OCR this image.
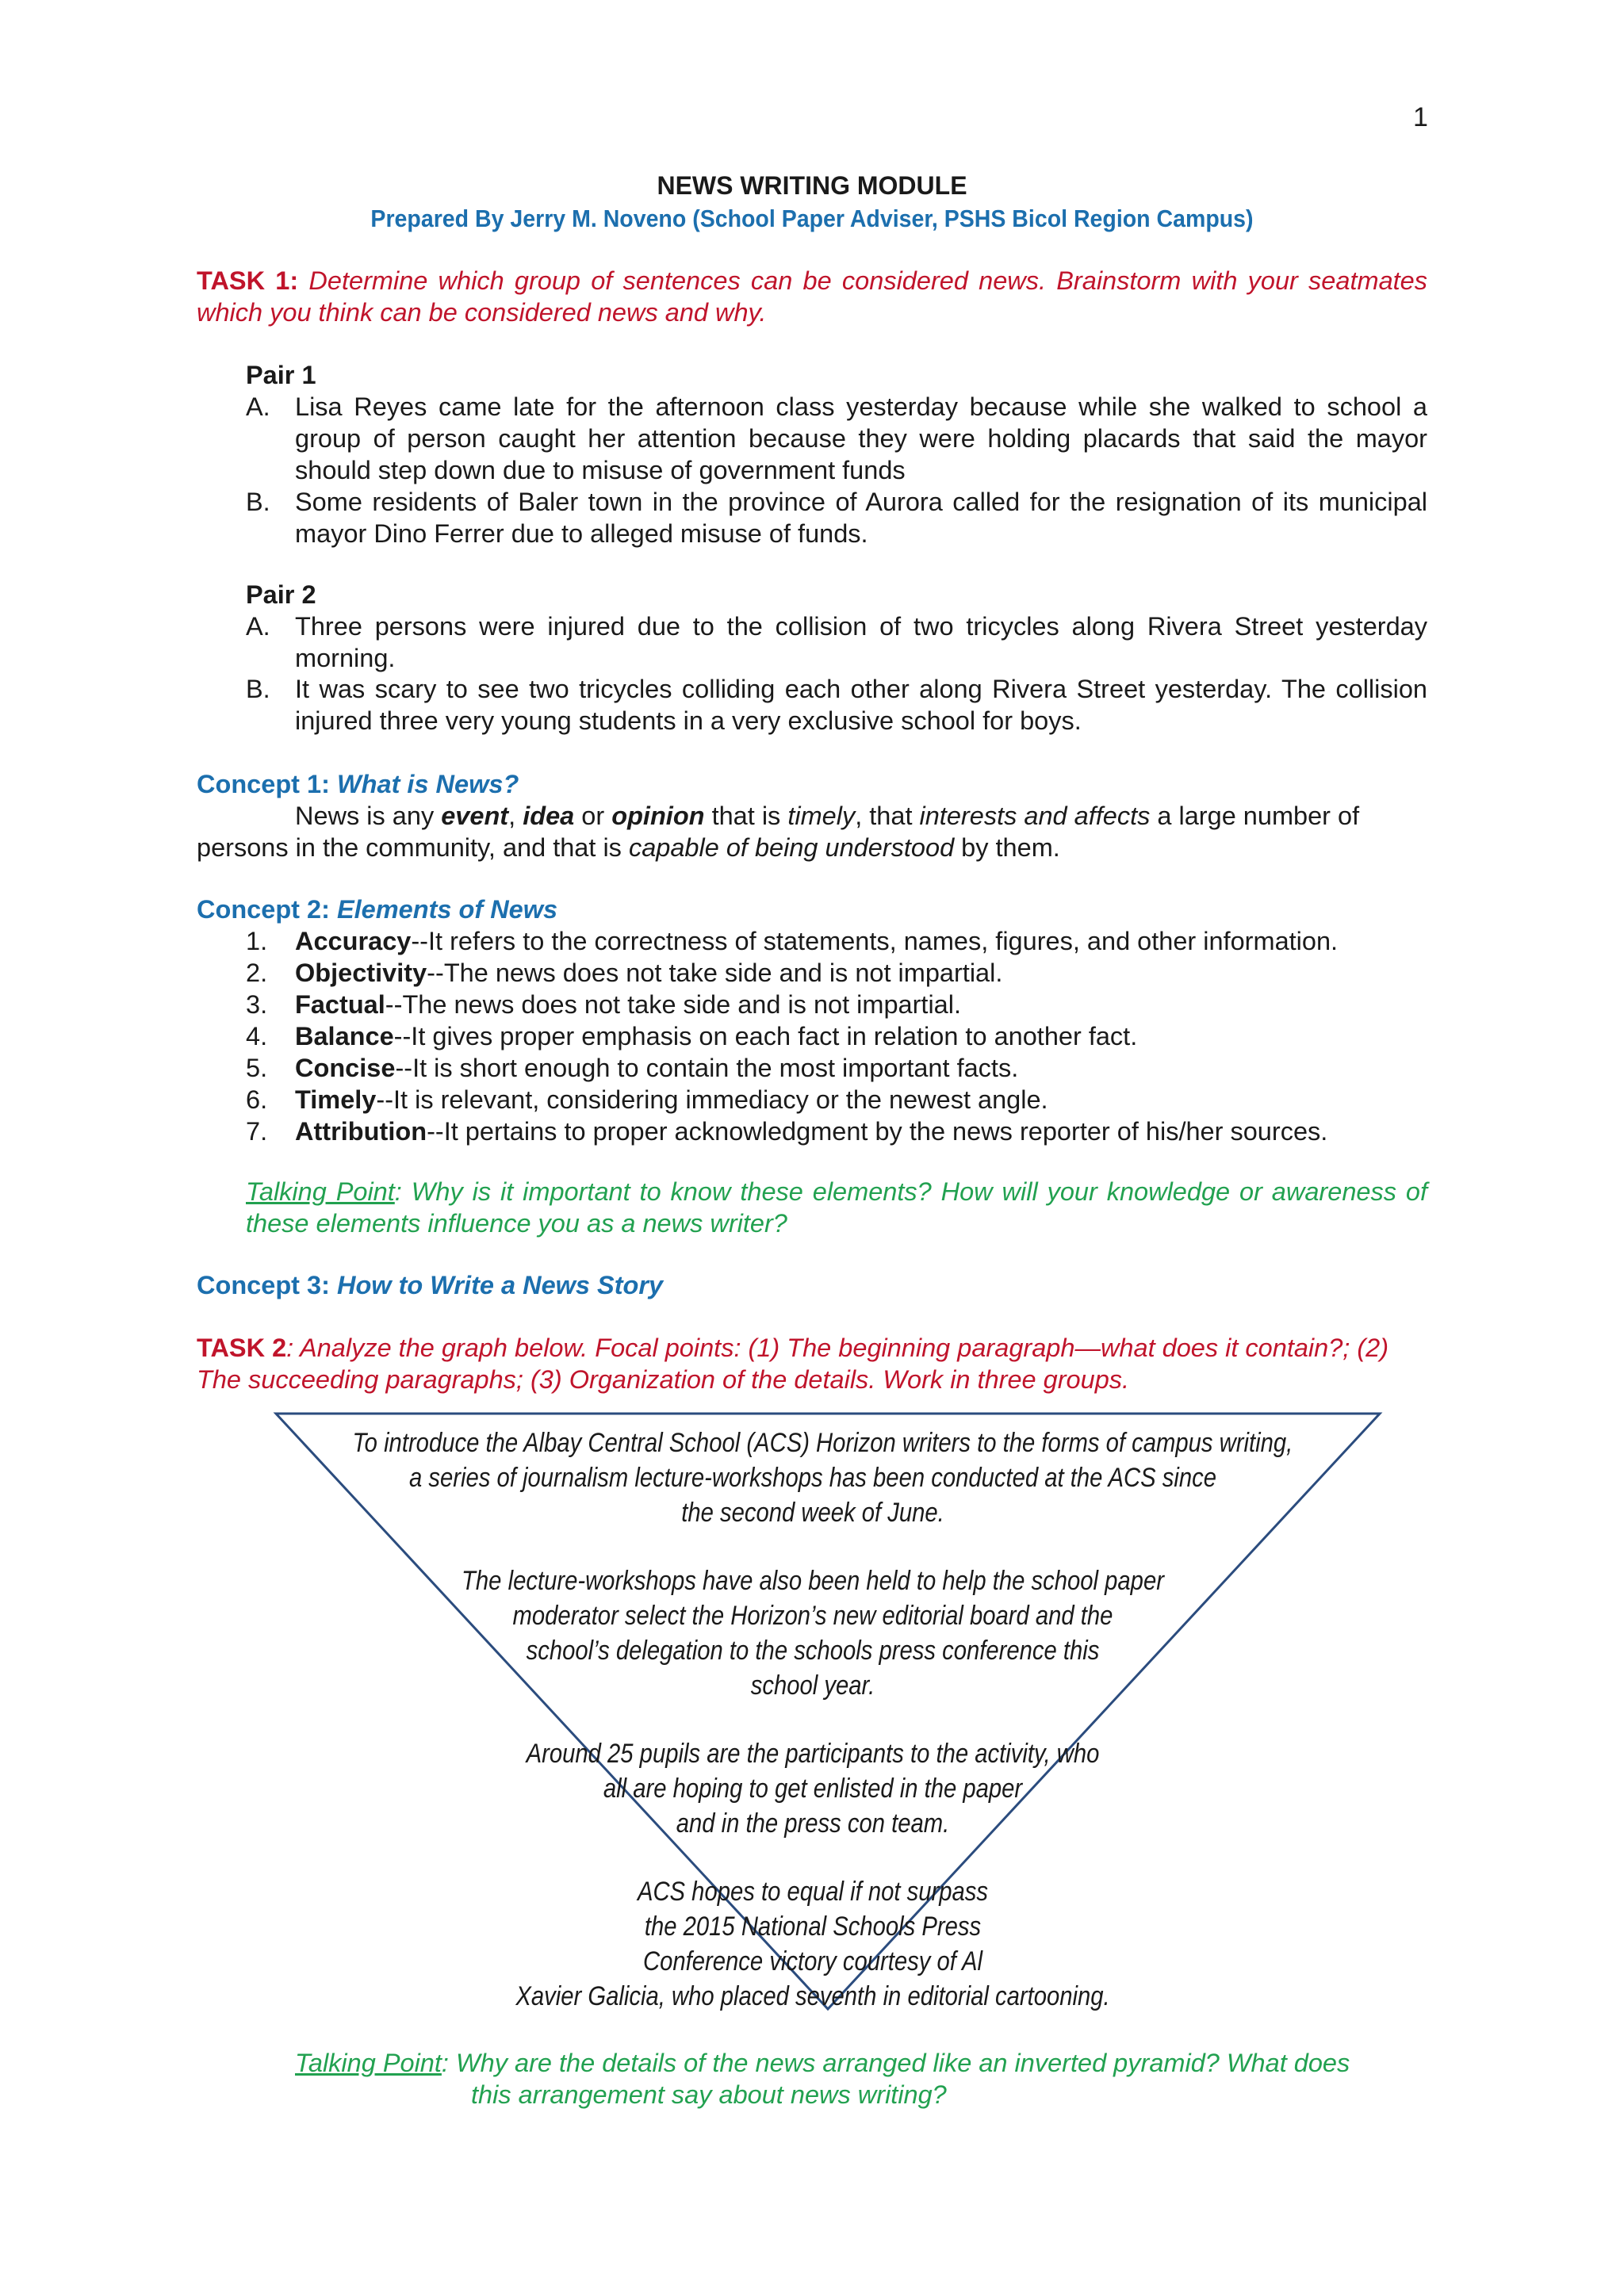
1
NEWS WRITING MODULE
Prepared By Jerry M. Noveno (School Paper Adviser, PSHS Bicol Region Campus)
TASK 1: Determine which group of sentences can be considered news. Brainstorm with your seatmates which you think can be considered news and why.
Pair 1
A. Lisa Reyes came late for the afternoon class yesterday because while she walked to school a group of person caught her attention because they were holding placards that said the mayor should step down due to misuse of government funds
B. Some residents of Baler town in the province of Aurora called for the resignation of its municipal mayor Dino Ferrer due to alleged misuse of funds.
Pair 2
A. Three persons were injured due to the collision of two tricycles along Rivera Street yesterday morning.
B. It was scary to see two tricycles colliding each other along Rivera Street yesterday. The collision injured three very young students in a very exclusive school for boys.
Concept 1: What is News?
News is any event, idea or opinion that is timely, that interests and affects a large number of persons in the community, and that is capable of being understood by them.
Concept 2: Elements of News
1. Accuracy--It refers to the correctness of statements, names, figures, and other information.
2. Objectivity--The news does not take side and is not impartial.
3. Factual--The news does not take side and is not impartial.
4. Balance--It gives proper emphasis on each fact in relation to another fact.
5. Concise--It is short enough to contain the most important facts.
6. Timely--It is relevant, considering immediacy or the newest angle.
7. Attribution--It pertains to proper acknowledgment by the news reporter of his/her sources.
Talking Point: Why is it important to know these elements? How will your knowledge or awareness of these elements influence you as a news writer?
Concept 3: How to Write a News Story
TASK 2: Analyze the graph below. Focal points: (1) The beginning paragraph—what does it contain?; (2) The succeeding paragraphs; (3) Organization of the details. Work in three groups.
To introduce the Albay Central School (ACS) Horizon writers to the forms of campus writing,
a series of journalism lecture-workshops has been conducted at the ACS since
the second week of June.
The lecture-workshops have also been held to help the school paper
moderator select the Horizon’s new editorial board and the
school’s delegation to the schools press conference this
school year.
Around 25 pupils are the participants to the activity, who
all are hoping to get enlisted in the paper
and in the press con team.
ACS hopes to equal if not surpass
the 2015 National Schools Press
Conference victory courtesy of Al
Xavier Galicia, who placed seventh in editorial cartooning.
Talking Point: Why are the details of the news arranged like an inverted pyramid? What does
this arrangement say about news writing?
